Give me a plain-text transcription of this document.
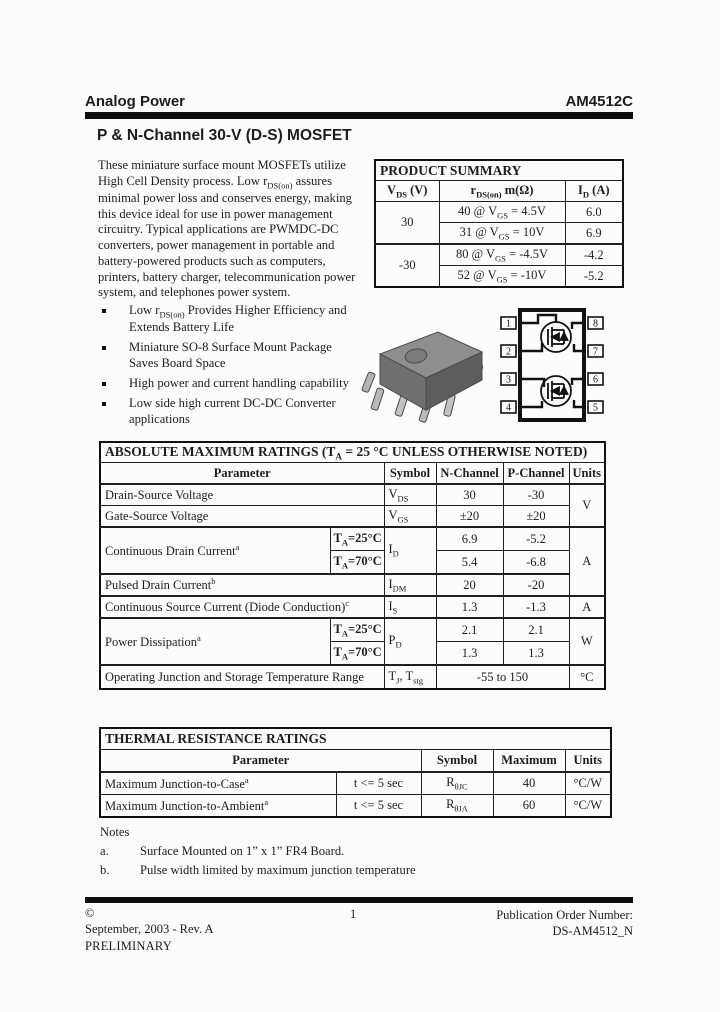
Analog Power	AM4512C
P & N-Channel 30-V (D-S) MOSFET
These miniature surface mount MOSFETs utilize High Cell Density process. Low $r_{DS(on)}$ assures minimal power loss and conserves energy, making this device ideal for use in power management circuitry. Typical applications are PWMDC-DC converters, power management in portable and battery-powered products such as computers, printers, battery charger, telecommunication power system, and telephones power system.
PRODUCT SUMMARY		
$V_{DS}$ (V)	$r_{DS(on)}$ m(Ω)	$I_D$ (A)
30	40 @ $V_{GS} = 4.5V$	6.0
	31 @ $V_{GS} = 10V$	6.9
-30	80 @ $V_{GS} = -4.5V$	-4.2
	52 @ $V_{GS} = -10V$	-5.2
Low $r_{DS(on)}$ Provides Higher Efficiency and Extends Battery Life
Miniature SO-8 Surface Mount Package Saves Board Space
High power and current handling capability
Low side high current DC-DC Converter applications
1
2
3
4
8
7
6
5
ABSOLUTE MAXIMUM RATINGS ($T_A = 25$ °C UNLESS OTHERWISE NOTED)					
Parameter		Symbol	N-Channel	P-Channel	Units
Drain-Source Voltage		$V_{DS}$	30	-30	V
Gate-Source Voltage		$V_{GS}$	±20	±20	
Continuous Drain Current$^a$	$T_A=25^\circ C$	$I_D$	6.9	-5.2	A
	$T_A=70^\circ C$		5.4	-6.8	
Pulsed Drain Current$^b$		$I_{DM}$	20	-20	
Continuous Source Current (Diode Conduction)$^c$		$I_S$	1.3	-1.3	A
Power Dissipation$^a$	$T_A=25^\circ C$	$P_D$	2.1	2.1	W
	$T_A=70^\circ C$		1.3	1.3	
Operating Junction and Storage Temperature Range		$T_J$, $T_{stg}$	-55 to 150		°C
THERMAL RESISTANCE RATINGS				
Parameter		Symbol	Maximum	Units
Maximum Junction-to-Case$^a$	t <= 5 sec	$R_{\theta JC}$	40	°C/W
Maximum Junction-to-Ambient$^a$	t <= 5 sec	$R_{\theta JA}$	60	°C/W
Notes
a.	Surface Mounted on 1” x 1” FR4 Board.
b.	Pulse width limited by maximum junction temperature
©
September, 2003 - Rev. A
PRELIMINARY
1	Publication Order Number:
DS-AM4512_N
